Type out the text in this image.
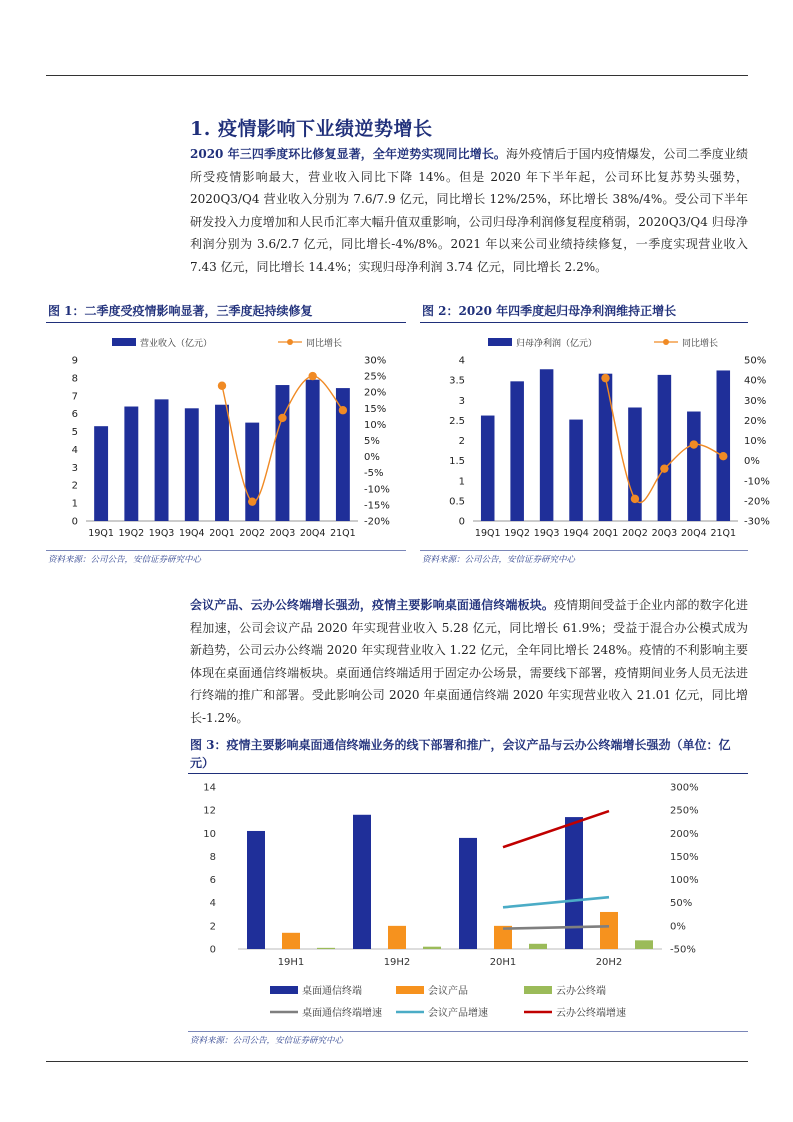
1. 疫情影响下业绩逆势增长
2020 年三四季度环比修复显著，全年逆势实现同比增长。海外疫情后于国内疫情爆发，公司二季度业绩所受疫情影响最大，营业收入同比下降 14%。但是 2020 年下半年起，公司环比复苏势头强势，2020Q3/Q4 营业收入分别为 7.6/7.9 亿元，同比增长 12%/25%，环比增长 38%/4%。受公司下半年研发投入力度增加和人民币汇率大幅升值双重影响，公司归母净利润修复程度稍弱，2020Q3/Q4 归母净利润分别为 3.6/2.7 亿元，同比增长-4%/8%。2021 年以来公司业绩持续修复，一季度实现营业收入 7.43 亿元，同比增长 14.4%；实现归母净利润 3.74 亿元，同比增长 2.2%。
图 1：二季度受疫情影响显著，三季度起持续修复
营业收入（亿元）	同比增长
0
1
2
3
4
5
6
7
8
9
-20%
-15%
-10%
-5%
0%
5%
10%
15%
20%
25%
30%
19Q1 19Q2 19Q3 19Q4 20Q1 20Q2 20Q3 20Q4 21Q1
资料来源：公司公告，安信证券研究中心
图 2：2020 年四季度起归母净利润维持正增长
归母净利润（亿元）	同比增长
0
0.5
1
1.5
2
2.5
3
3.5
4
-30%
-20%
-10%
0%
10%
20%
30%
40%
50%
19Q1 19Q2 19Q3 19Q4 20Q1 20Q2 20Q3 20Q4 21Q1
资料来源：公司公告，安信证券研究中心
会议产品、云办公终端增长强劲，疫情主要影响桌面通信终端板块。疫情期间受益于企业内部的数字化进程加速，公司会议产品 2020 年实现营业收入 5.28 亿元，同比增长 61.9%；受益于混合办公模式成为新趋势，公司云办公终端 2020 年实现营业收入 1.22 亿元，全年同比增长 248%。疫情的不利影响主要体现在桌面通信终端板块。桌面通信终端适用于固定办公场景，需要线下部署，疫情期间业务人员无法进行终端的推广和部署。受此影响公司 2020 年桌面通信终端 2020 年实现营业收入 21.01 亿元，同比增长-1.2%。
图 3：疫情主要影响桌面通信终端业务的线下部署和推广，会议产品与云办公终端增长强劲（单位：亿元）
0
2
4
6
8
10
12
14
-50%
0%
50%
100%
150%
200%
250%
300%
19H1	19H2	20H1	20H2
桌面通信终端	会议产品	云办公终端
桌面通信终端增速	会议产品增速	云办公终端增速
资料来源：公司公告，安信证券研究中心
